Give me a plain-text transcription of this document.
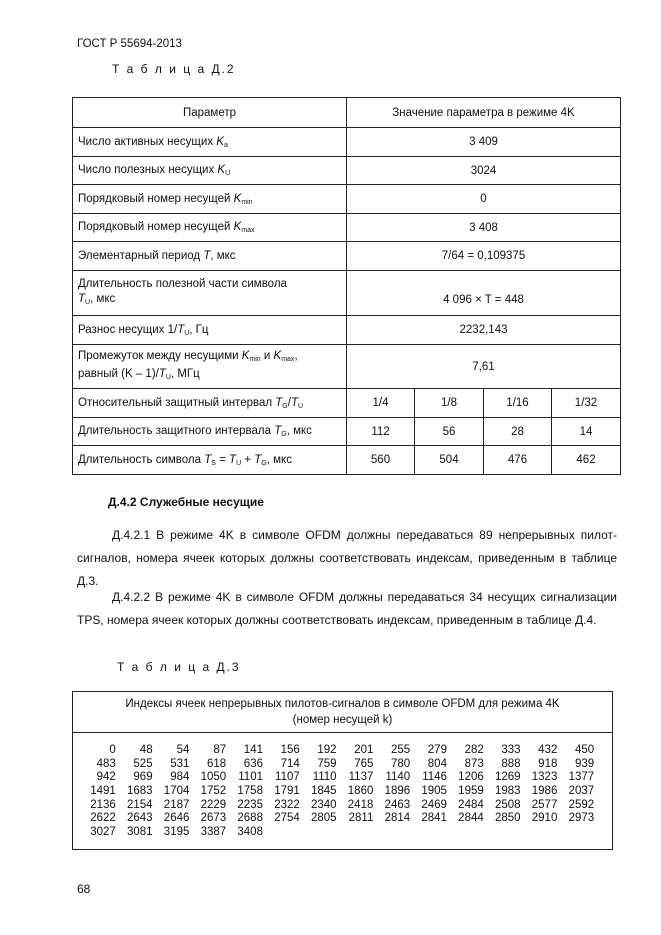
ГОСТ Р 55694-2013
Т а б л и ц а Д.2
Параметр	Значение параметра в режиме 4K			
Число активных несущих $K_a$	3 409			
Число полезных несущих $K_U$	3024			
Порядковый номер несущей $K_{min}$	0			
Порядковый номер несущей $K_{max}$	3 408			
Элементарный период T, мкс	7/64 = 0,109375			
Длительность полезной части символа
$T_U$, мкс	4 096 × T = 448			
Разнос несущих $1/T_U$, Гц	2232,143			
Промежуток между несущими $K_{min}$ и $K_{max}$,
равный $(K - 1)/T_U$, МГц	7,61			
Относительный защитный интервал $T_G/T_U$	1/4	1/8	1/16	1/32
Длительность защитного интервала $T_G$, мкс	112	56	28	14
Длительность символа $T_S = T_U + T_G$, мкс	560	504	476	462
Д.4.2 Служебные несущие
Д.4.2.1 В режиме 4K в символе OFDM должны передаваться 89 непрерывных пилот-сигналов, номера ячеек которых должны соответствовать индексам, приведенным в таблице Д.3.
Д.4.2.2 В режиме 4K в символе OFDM должны передаваться 34 несущих сигнализации TPS, номера ячеек которых должны соответствовать индексам, приведенным в таблице Д.4.
Т а б л и ц а Д.3
Индексы ячеек непрерывных пилотов-сигналов в символе OFDM для режима 4K
(номер несущей k)
0 48 54 87 141 156 192 201 255 279 282 333 432 450
483 525 531 618 636 714 759 765 780 804 873 888 918 939
942 969 984 1050 1101 1107 1110 1137 1140 1146 1206 1269 1323 1377
1491 1683 1704 1752 1758 1791 1845 1860 1896 1905 1959 1983 1986 2037
2136 2154 2187 2229 2235 2322 2340 2418 2463 2469 2484 2508 2577 2592
2622 2643 2646 2673 2688 2754 2805 2811 2814 2841 2844 2850 2910 2973
3027 3081 3195 3387 3408
68
